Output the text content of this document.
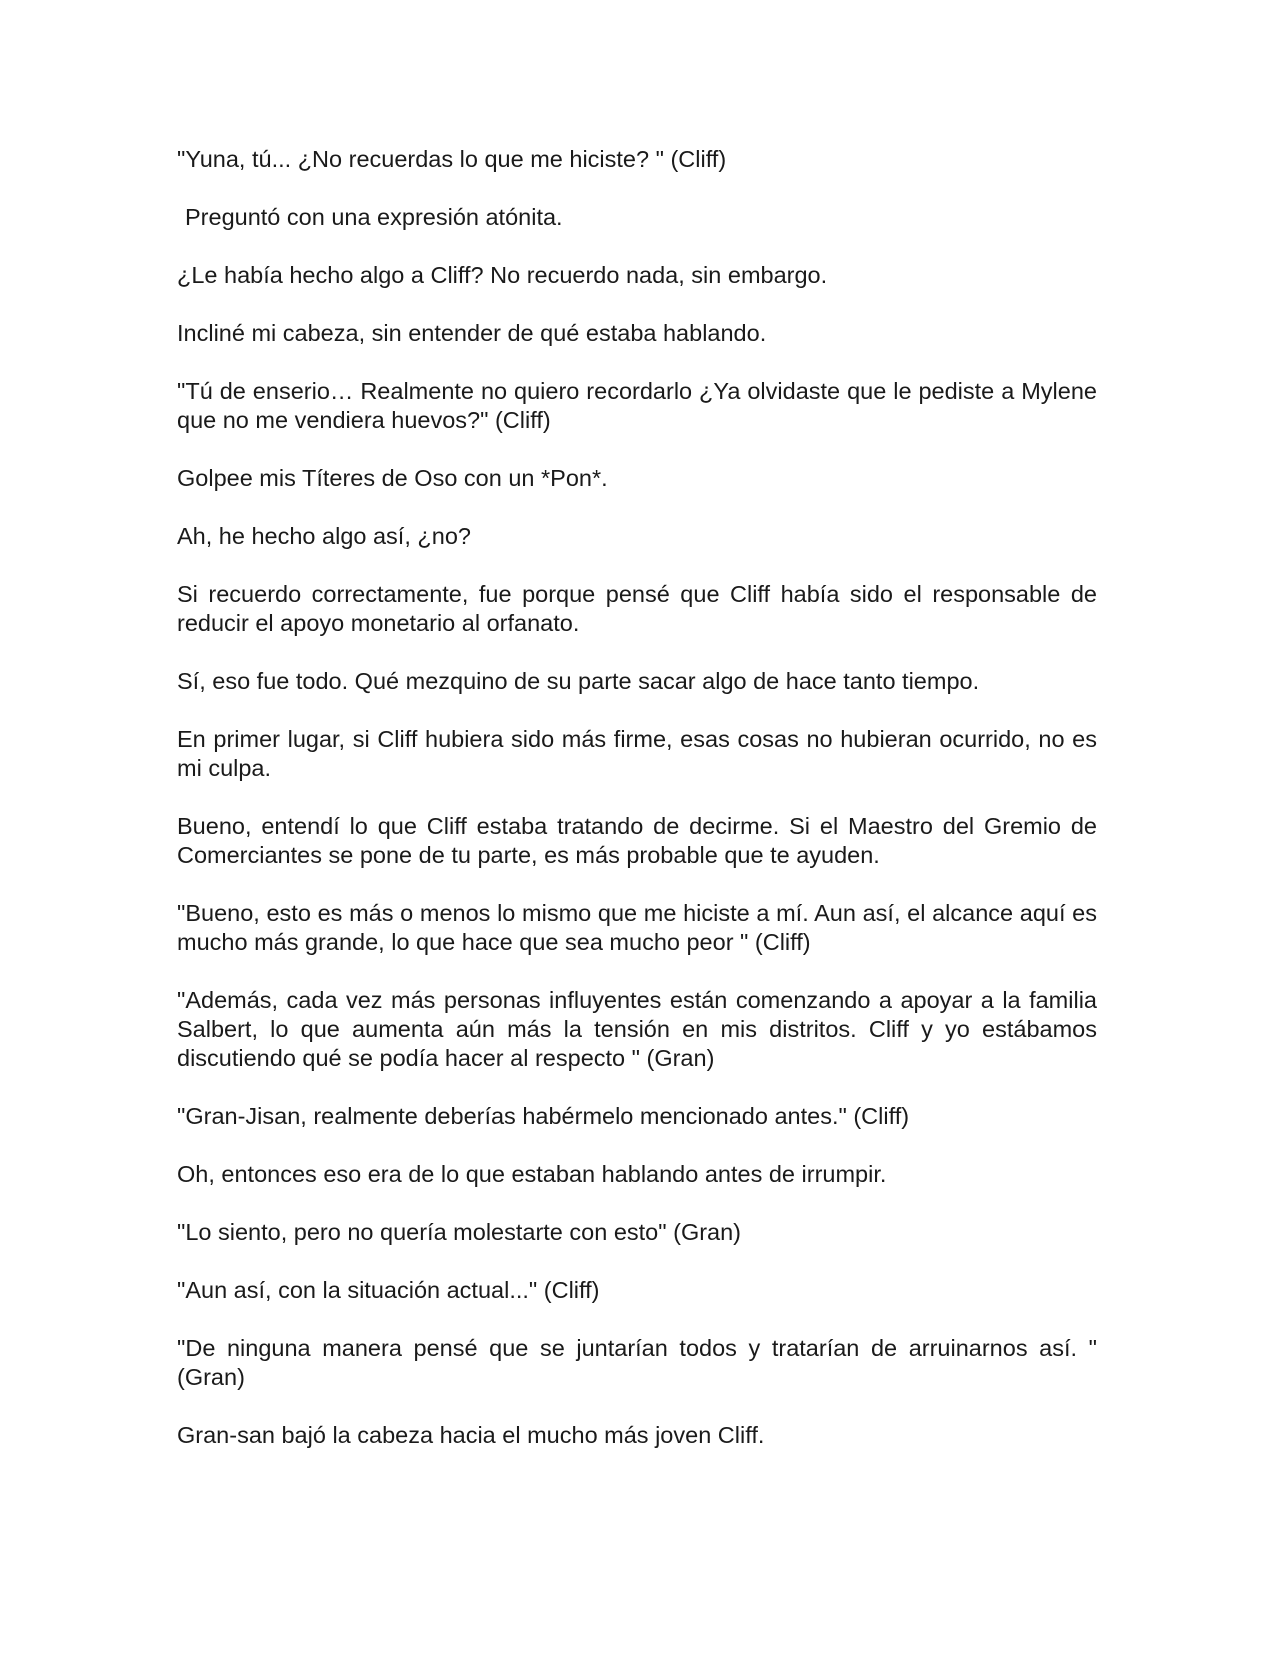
"Yuna, tú... ¿No recuerdas lo que me hiciste? " (Cliff)

Preguntó con una expresión atónita.

¿Le había hecho algo a Cliff? No recuerdo nada, sin embargo.

Incliné mi cabeza, sin entender de qué estaba hablando.

"Tú de enserio… Realmente no quiero recordarlo ¿Ya olvidaste que le pediste a Mylene que no me vendiera huevos?" (Cliff)

Golpee mis Títeres de Oso con un *Pon*.

Ah, he hecho algo así, ¿no?

Si recuerdo correctamente, fue porque pensé que Cliff había sido el responsable de reducir el apoyo monetario al orfanato.

Sí, eso fue todo. Qué mezquino de su parte sacar algo de hace tanto tiempo.

En primer lugar, si Cliff hubiera sido más firme, esas cosas no hubieran ocurrido, no es mi culpa.

Bueno, entendí lo que Cliff estaba tratando de decirme. Si el Maestro del Gremio de Comerciantes se pone de tu parte, es más probable que te ayuden.

"Bueno, esto es más o menos lo mismo que me hiciste a mí. Aun así, el alcance aquí es mucho más grande, lo que hace que sea mucho peor " (Cliff)

"Además, cada vez más personas influyentes están comenzando a apoyar a la familia Salbert, lo que aumenta aún más la tensión en mis distritos. Cliff y yo estábamos discutiendo qué se podía hacer al respecto " (Gran)

"Gran-Jisan, realmente deberías habérmelo mencionado antes." (Cliff)

Oh, entonces eso era de lo que estaban hablando antes de irrumpir.

"Lo siento, pero no quería molestarte con esto" (Gran)

"Aun así, con la situación actual..." (Cliff)

"De ninguna manera pensé que se juntarían todos y tratarían de arruinarnos así. " (Gran)

Gran-san bajó la cabeza hacia el mucho más joven Cliff.
